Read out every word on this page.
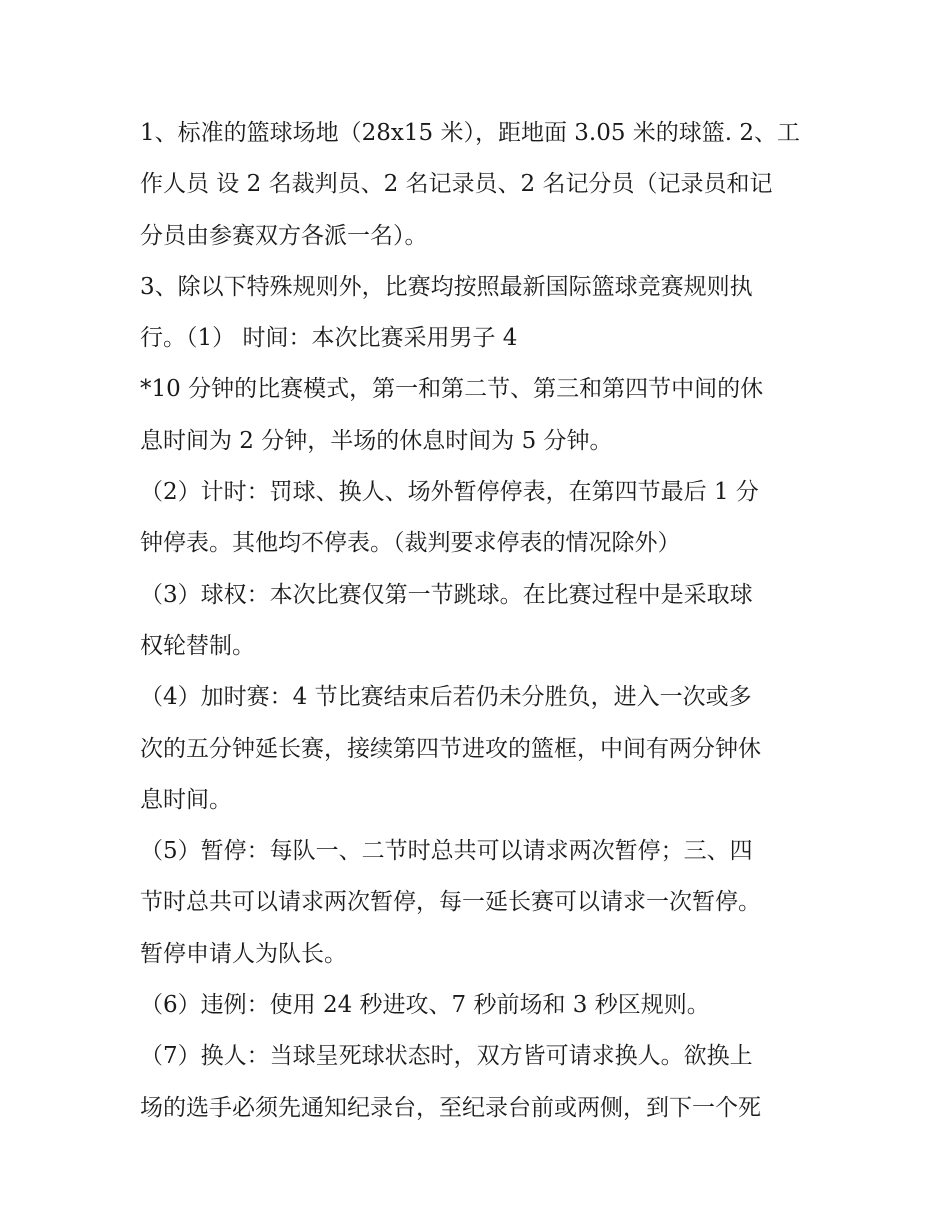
1、标准的篮球场地（28x15 米），距地面 3.05 米的球篮. 2、工
作人员 设 2 名裁判员、2 名记录员、2 名记分员（记录员和记
分员由参赛双方各派一名）。
3、除以下特殊规则外，比赛均按照最新国际篮球竞赛规则执
行。（1） 时间：本次比赛采用男子 4
*10 分钟的比赛模式，第一和第二节、第三和第四节中间的休
息时间为 2 分钟，半场的休息时间为 5 分钟。
（2）计时：罚球、换人、场外暂停停表，在第四节最后 1 分
钟停表。其他均不停表。（裁判要求停表的情况除外）
（3）球权：本次比赛仅第一节跳球。在比赛过程中是采取球
权轮替制。
（4）加时赛：4 节比赛结束后若仍未分胜负，进入一次或多
次的五分钟延长赛，接续第四节进攻的篮框，中间有两分钟休
息时间。
（5）暂停：每队一、二节时总共可以请求两次暂停；三、四
节时总共可以请求两次暂停，每一延长赛可以请求一次暂停。
暂停申请人为队长。
（6）违例：使用 24 秒进攻、7 秒前场和 3 秒区规则。
（7）换人：当球呈死球状态时，双方皆可请求换人。欲换上
场的选手必须先通知纪录台，至纪录台前或两侧，到下一个死
